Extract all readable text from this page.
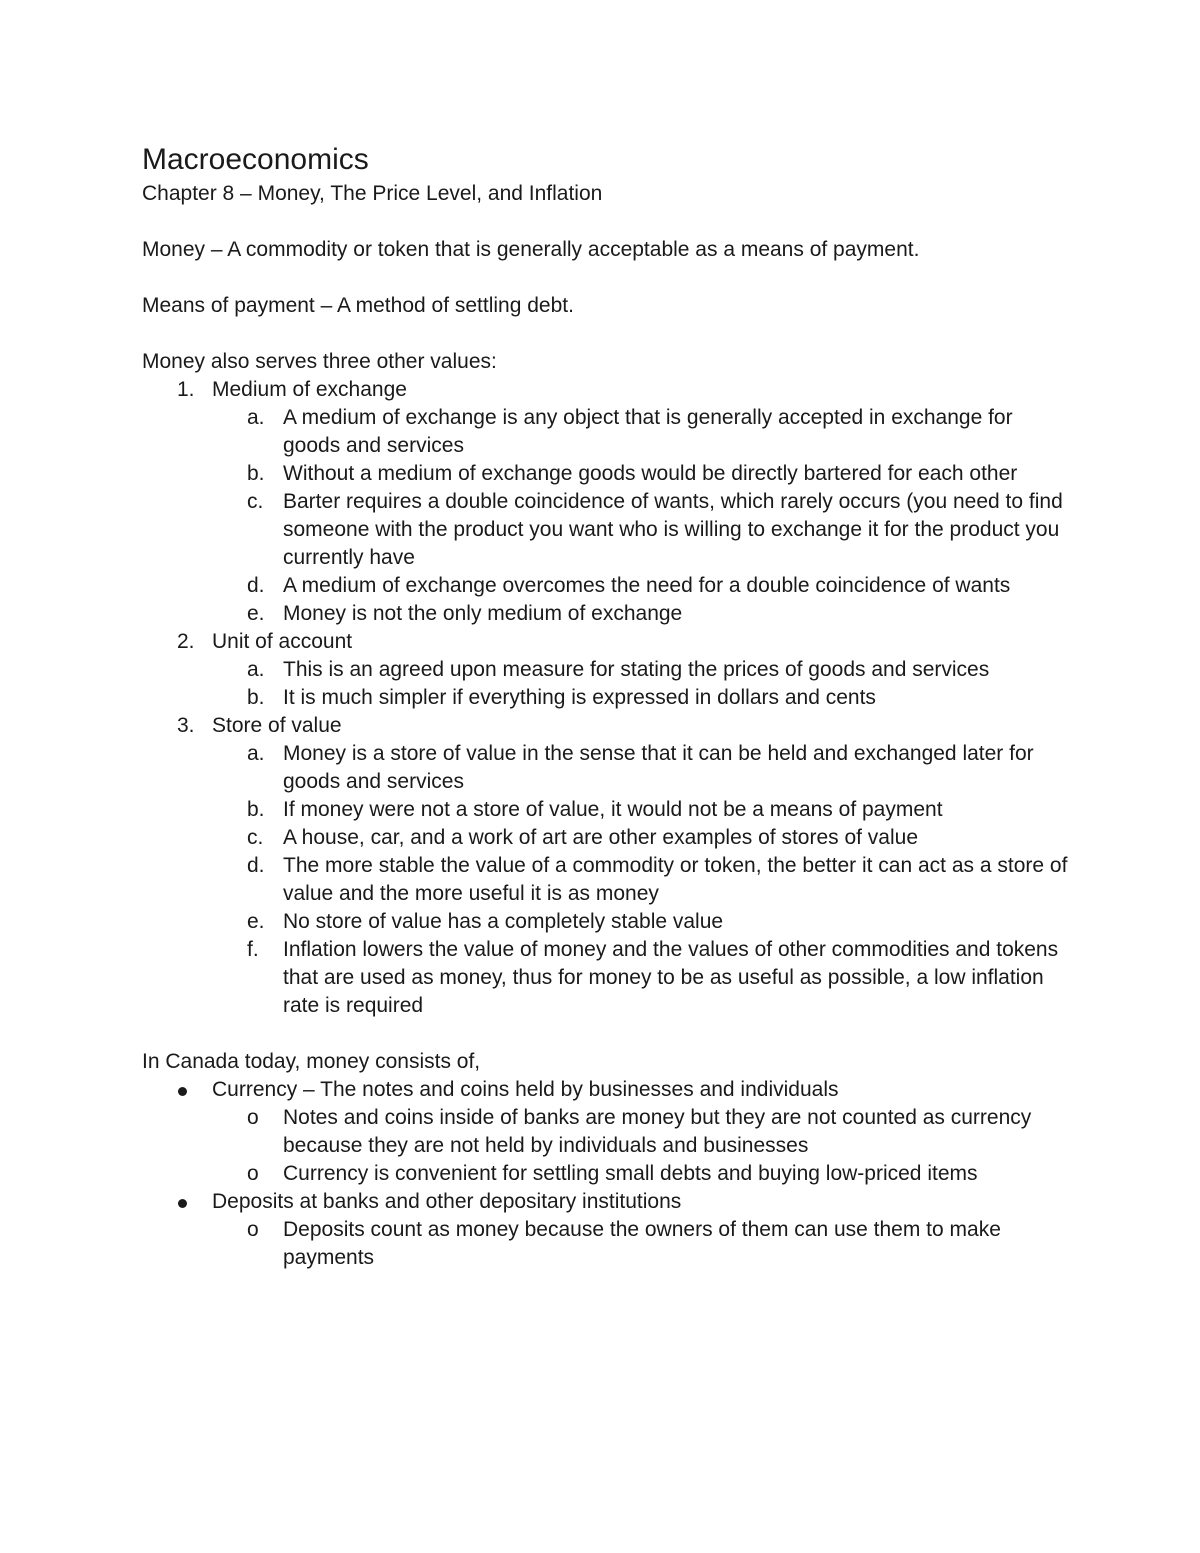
Macroeconomics

Chapter 8 – Money, The Price Level, and Inflation

Money – A commodity or token that is generally acceptable as a means of payment.

Means of payment – A method of settling debt.

Money also serves three other values:

1. Medium of exchange
a. A medium of exchange is any object that is generally accepted in exchange for goods and services
b. Without a medium of exchange goods would be directly bartered for each other
c. Barter requires a double coincidence of wants, which rarely occurs (you need to find someone with the product you want who is willing to exchange it for the product you currently have
d. A medium of exchange overcomes the need for a double coincidence of wants
e. Money is not the only medium of exchange
2. Unit of account
a. This is an agreed upon measure for stating the prices of goods and services
b. It is much simpler if everything is expressed in dollars and cents
3. Store of value
a. Money is a store of value in the sense that it can be held and exchanged later for goods and services
b. If money were not a store of value, it would not be a means of payment
c. A house, car, and a work of art are other examples of stores of value
d. The more stable the value of a commodity or token, the better it can act as a store of value and the more useful it is as money
e. No store of value has a completely stable value
f.	Inflation lowers the value of money and the values of other commodities and tokens that are used as money, thus for money to be as useful as possible, a low inflation rate is required

In Canada today, money consists of,

Currency – The notes and coins held by businesses and individuals
o	Notes and coins inside of banks are money but they are not counted as currency because they are not held by individuals and businesses
o	Currency is convenient for settling small debts and buying low-priced items
Deposits at banks and other depositary institutions
o	Deposits count as money because the owners of them can use them to make payments
